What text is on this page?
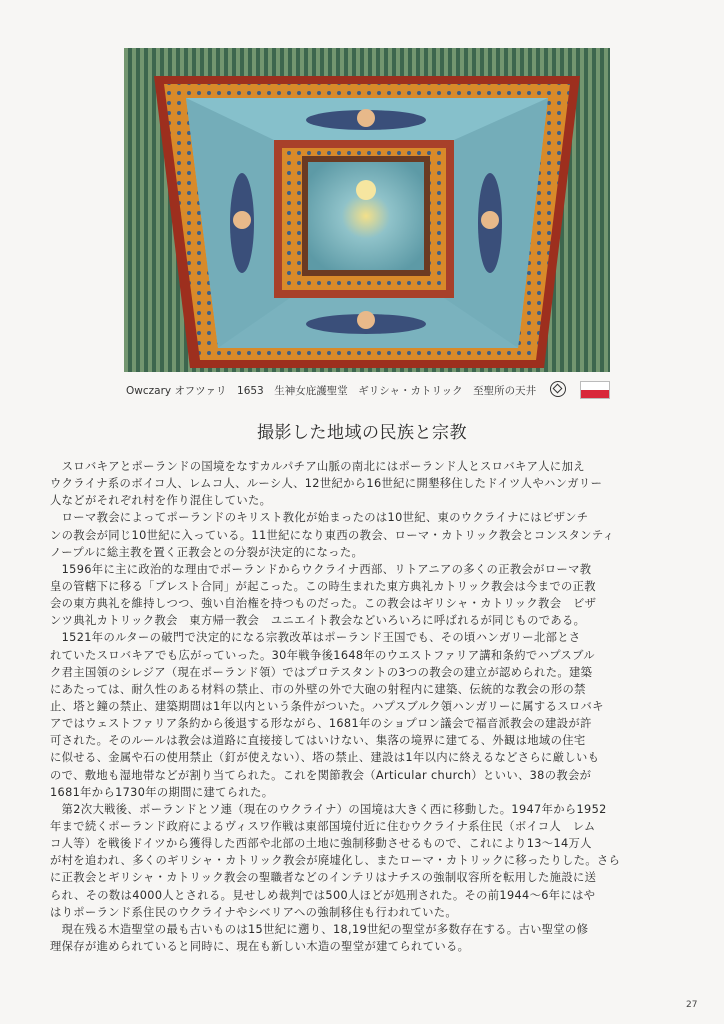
Owczary オフツァリ　1653　生神女庇護聖堂　ギリシャ・カトリック　至聖所の天井
撮影した地域の民族と宗教
　スロバキアとポーランドの国境をなすカルパチア山脈の南北にはポーランド人とスロバキア人に加え
ウクライナ系のボイコ人、レムコ人、ルーシ人、12世紀から16世紀に開墾移住したドイツ人やハンガリー
人などがそれぞれ村を作り混住していた。
　ローマ教会によってポーランドのキリスト教化が始まったのは10世紀、東のウクライナにはビザンチ
ンの教会が同じ10世紀に入っている。11世紀になり東西の教会、ローマ・カトリック教会とコンスタンティ
ノープルに総主教を置く正教会との分裂が決定的になった。
　1596年に主に政治的な理由でポーランドからウクライナ西部、リトアニアの多くの正教会がローマ教
皇の管轄下に移る「ブレスト合同」が起こった。この時生まれた東方典礼カトリック教会は今までの正教
会の東方典礼を維持しつつ、強い自治権を持つものだった。この教会はギリシャ・カトリック教会　ビザ
ンツ典礼カトリック教会　東方帰一教会　ユニエイト教会などいろいろに呼ばれるが同じものである。
　1521年のルターの破門で決定的になる宗教改革はポーランド王国でも、その頃ハンガリー北部とさ
れていたスロバキアでも広がっていった。30年戦争後1648年のウエストファリア講和条約でハプスブル
ク君主国領のシレジア（現在ポーランド領）ではプロテスタントの3つの教会の建立が認められた。建築
にあたっては、耐久性のある材料の禁止、市の外壁の外で大砲の射程内に建築、伝統的な教会の形の禁
止、塔と鐘の禁止、建築期間は1年以内という条件がついた。ハプスブルク領ハンガリーに属するスロバキ
アではウェストファリア条約から後退する形ながら、1681年のショプロン議会で福音派教会の建設が許
可された。そのルールは教会は道路に直接接してはいけない、集落の境界に建てる、外観は地域の住宅
に似せる、金属や石の使用禁止（釘が使えない）、塔の禁止、建設は1年以内に終えるなどさらに厳しいも
ので、敷地も湿地帯などが割り当てられた。これを関節教会（Articular church）といい、38の教会が
1681年から1730年の期間に建てられた。
　第2次大戦後、ポーランドとソ連（現在のウクライナ）の国境は大きく西に移動した。1947年から1952
年まで続くポーランド政府によるヴィスワ作戦は東部国境付近に住むウクライナ系住民（ボイコ人　レム
コ人等）を戦後ドイツから獲得した西部や北部の土地に強制移動させるもので、これにより13～14万人
が村を追われ、多くのギリシャ・カトリック教会が廃墟化し、またローマ・カトリックに移ったりした。さら
に正教会とギリシャ・カトリック教会の聖職者などのインテリはナチスの強制収容所を転用した施設に送
られ、その数は4000人とされる。見せしめ裁判では500人ほどが処刑された。その前1944～6年にはや
はりポーランド系住民のウクライナやシベリアへの強制移住も行われていた。
　現在残る木造聖堂の最も古いものは15世紀に遡り、18,19世紀の聖堂が多数存在する。古い聖堂の修
理保存が進められていると同時に、現在も新しい木造の聖堂が建てられている。
27
